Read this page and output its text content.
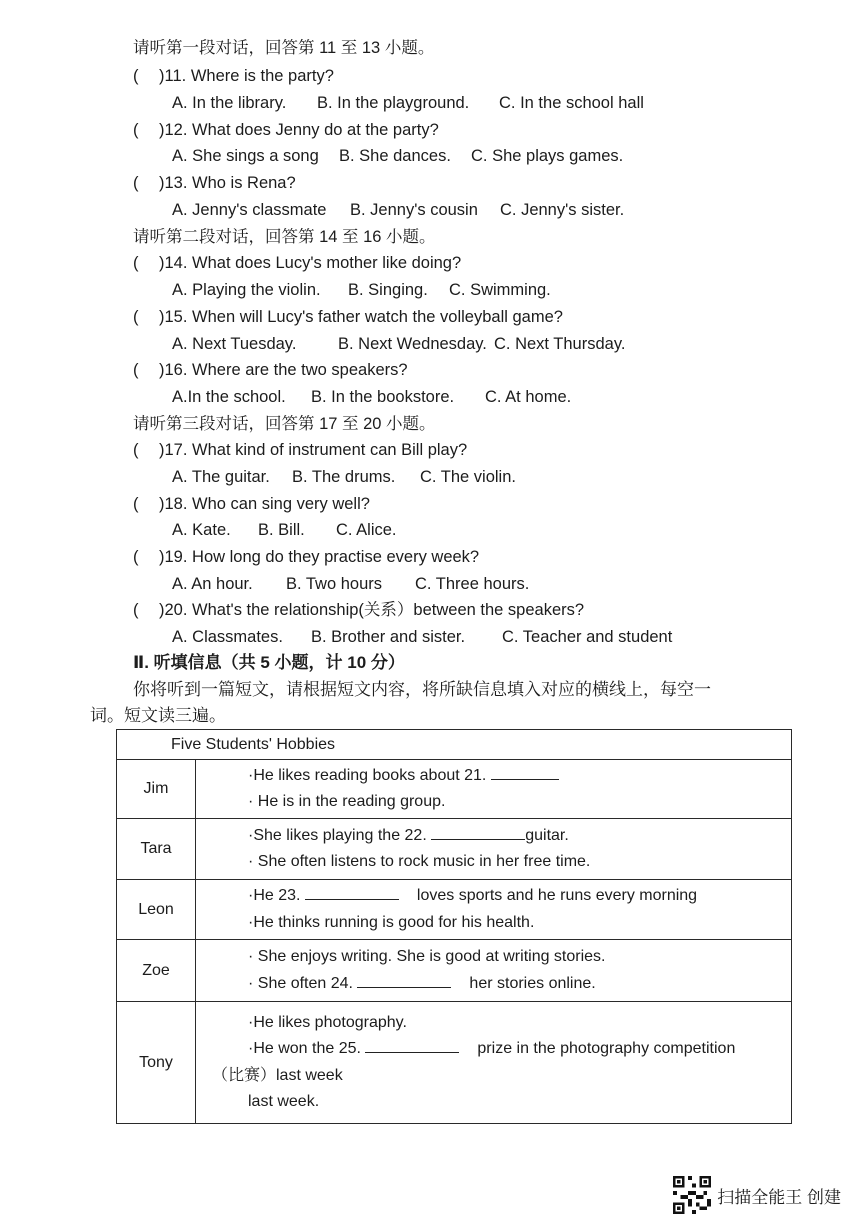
请听第一段对话，回答第 11 至 13 小题。
( )11. Where is the party?
A. In the library. B. In the playground. C. In the school hall
( )12. What does Jenny do at the party?
A. She sings a song B. She dances. C. She plays games.
( )13. Who is Rena?
A. Jenny's classmate B. Jenny's cousin C. Jenny's sister.
请听第二段对话，回答第 14 至 16 小题。
( )14. What does Lucy's mother like doing?
A. Playing the violin. B. Singing. C. Swimming.
( )15. When will Lucy's father watch the volleyball game?
A. Next Tuesday.	B. Next Wednesday. C. Next Thursday.
( )16. Where are the two speakers?
A.In the school. B. In the bookstore. C. At home.
请听第三段对话，回答第 17 至 20 小题。
( )17. What kind of instrument can Bill play?
A. The guitar. B. The drums. C. The violin.
( )18. Who can sing very well?
A. Kate. B. Bill. C. Alice.
( )19. How long do they practise every week?
A. An hour. B. Two hours C. Three hours.
( )20. What's the relationship(关系）between the speakers?
A. Classmates. B. Brother and sister. C. Teacher and student
Ⅱ. 听填信息（共 5 小题，计 10 分）
你将听到一篇短文，请根据短文内容，将所缺信息填入对应的横线上，每空一
词。短文读三遍。
Five Students' Hobbies	
Jim	·He likes reading books about 21.
· He is in the reading group.

Tara	·She likes playing the 22. guitar.
· She often listens to rock music in her free time.

Leon	·He 23. loves sports and he runs every morning
·He thinks running is good for his health.

Zoe	· She enjoys writing. She is good at writing stories.
· She often 24. her stories online.

Tony	·He likes photography.
·He won the 25. prize in the photography competition
（比赛）last week
last week.
扫描全能王 创建
